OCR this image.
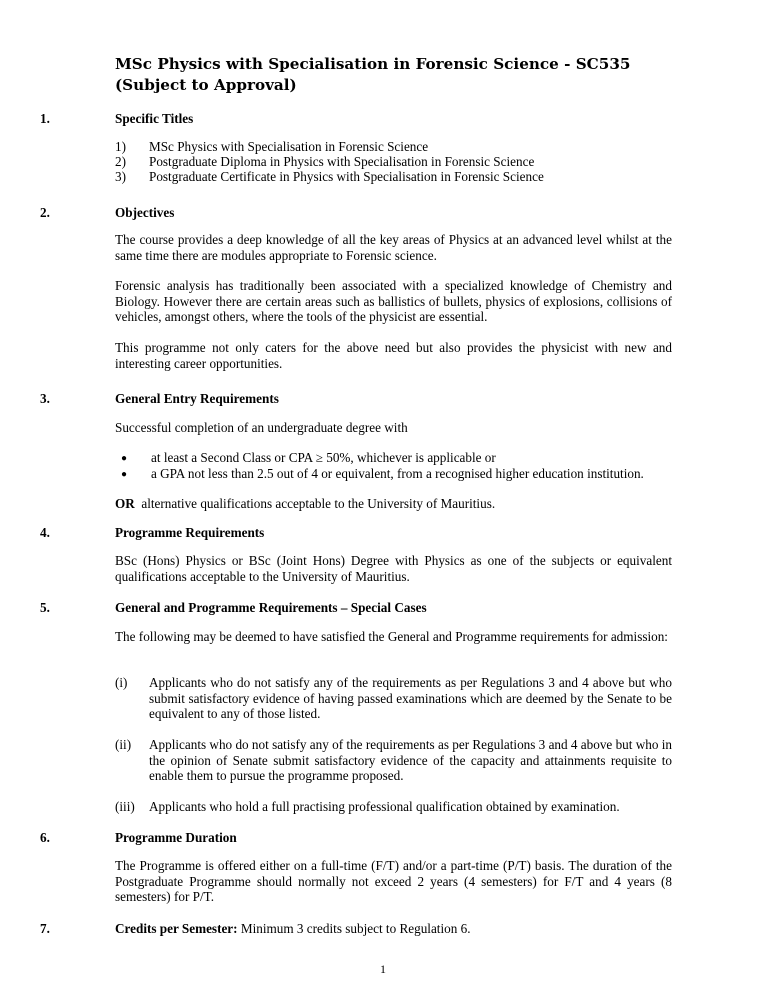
MSc Physics with Specialisation in Forensic Science - SC535 (Subject to Approval)
1.	Specific Titles
1) MSc Physics with Specialisation in Forensic Science
2) Postgraduate Diploma in Physics with Specialisation in Forensic Science
3) Postgraduate Certificate in Physics with Specialisation in Forensic Science
2.	Objectives

The course provides a deep knowledge of all the key areas of Physics at an advanced level whilst at the same time there are modules appropriate to Forensic science.

Forensic analysis has traditionally been associated with a specialized knowledge of Chemistry and Biology. However there are certain areas such as ballistics of bullets, physics of explosions, collisions of vehicles, amongst others, where the tools of the physicist are essential.

This programme not only caters for the above need but also provides the physicist with new and interesting career opportunities.

3.	General Entry Requirements

Successful completion of an undergraduate degree with

● at least a Second Class or CPA ≥ 50%, whichever is applicable or
● a GPA not less than 2.5 out of 4 or equivalent, from a recognised higher education institution.

OR alternative qualifications acceptable to the University of Mauritius.

4.	Programme Requirements

BSc (Hons) Physics or BSc (Joint Hons) Degree with Physics as one of the subjects or equivalent qualifications acceptable to the University of Mauritius.

5.	General and Programme Requirements – Special Cases

The following may be deemed to have satisfied the General and Programme requirements for admission:

(i) Applicants who do not satisfy any of the requirements as per Regulations 3 and 4 above but who submit satisfactory evidence of having passed examinations which are deemed by the Senate to be equivalent to any of those listed.

(ii) Applicants who do not satisfy any of the requirements as per Regulations 3 and 4 above but who in the opinion of Senate submit satisfactory evidence of the capacity and attainments requisite to enable them to pursue the programme proposed.

(iii) Applicants who hold a full practising professional qualification obtained by examination.

6.	Programme Duration

The Programme is offered either on a full-time (F/T) and/or a part-time (P/T) basis. The duration of the Postgraduate Programme should normally not exceed 2 years (4 semesters) for F/T and 4 years (8 semesters) for P/T.

7.	Credits per Semester: Minimum 3 credits subject to Regulation 6.
1
